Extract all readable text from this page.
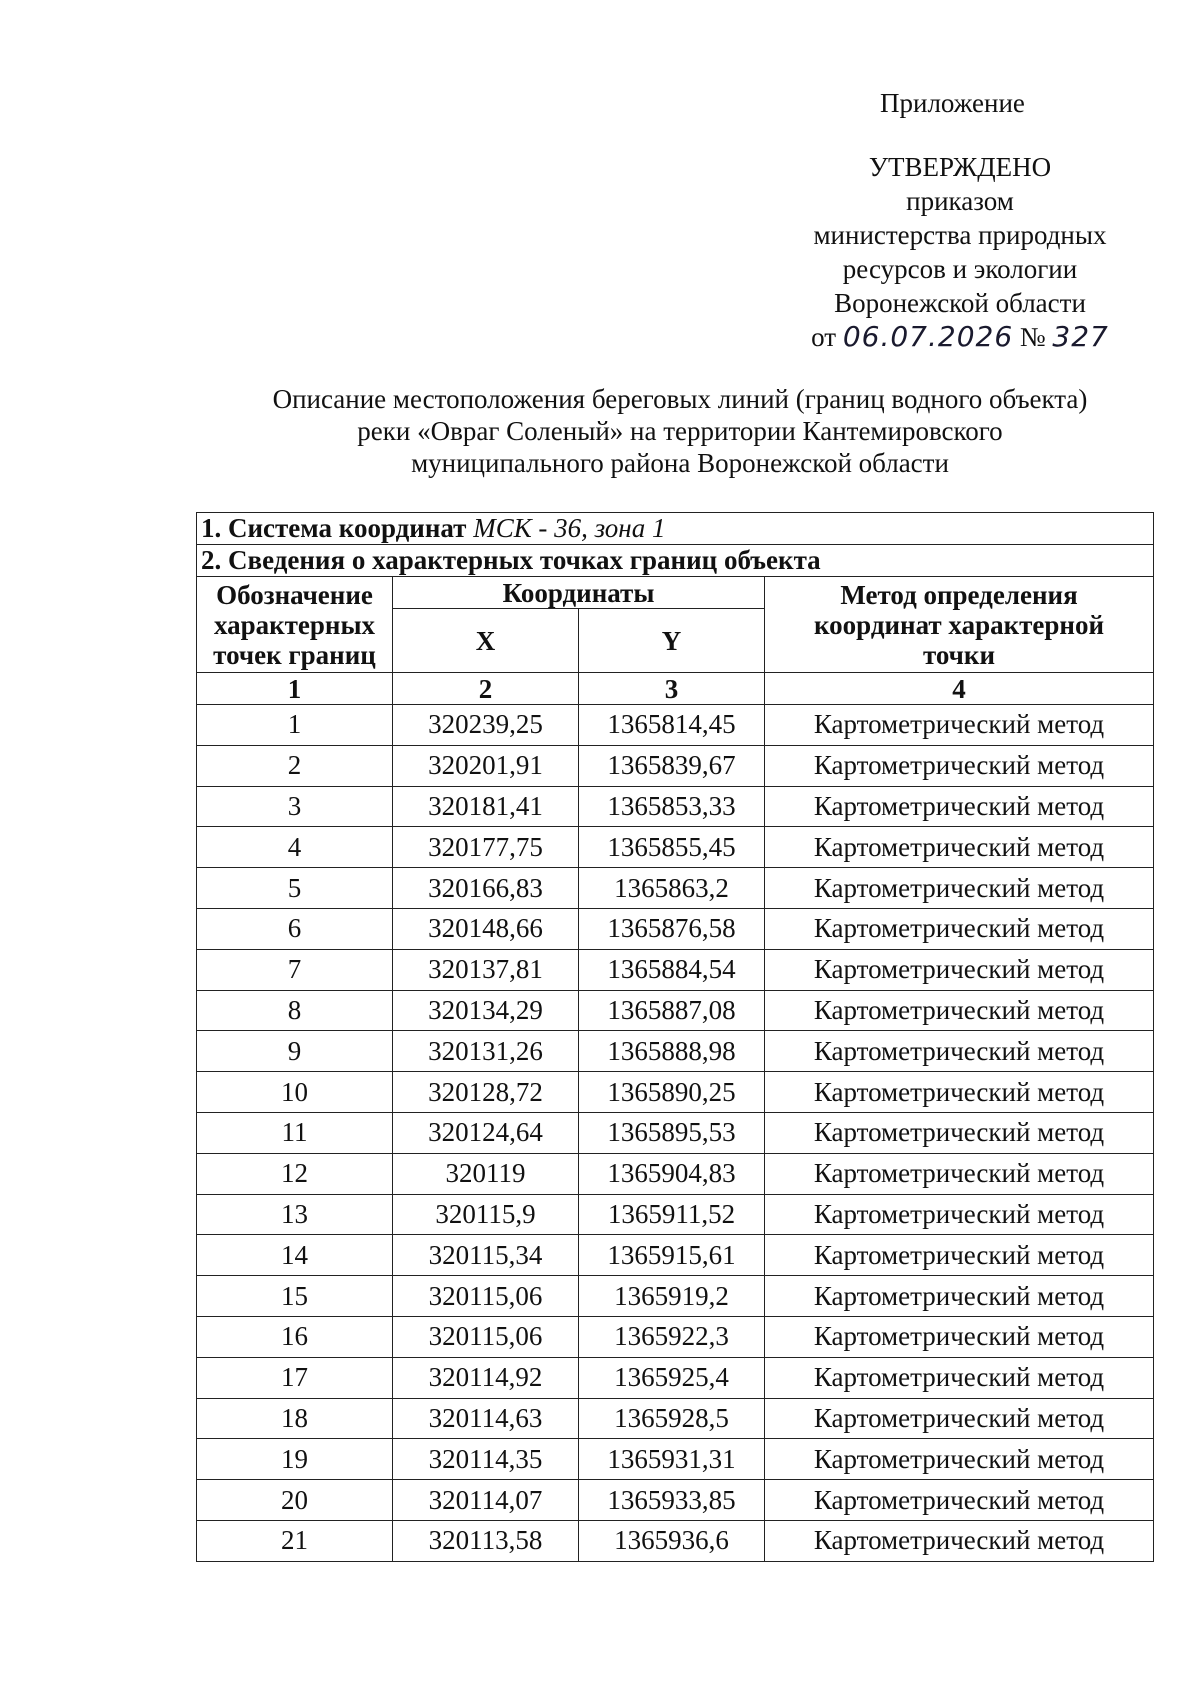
Приложение
УТВЕРЖДЕНО
приказом
министерства природных
ресурсов и экологии
Воронежской области
от 06.07.2026 № 327
Описание местоположения береговых линий (границ водного объекта)
реки «Овраг Соленый» на территории Кантемировского
муниципального района Воронежской области
1. Система координат МСК - 36, зона 1			
2. Сведения о характерных точках границ объекта			
Обозначение характерных точек границ	Координаты		Метод определения координат характерной точки
	X	Y	
1	2	3	4
1	320239,25	1365814,45	Картометрический метод
2	320201,91	1365839,67	Картометрический метод
3	320181,41	1365853,33	Картометрический метод
4	320177,75	1365855,45	Картометрический метод
5	320166,83	1365863,2	Картометрический метод
6	320148,66	1365876,58	Картометрический метод
7	320137,81	1365884,54	Картометрический метод
8	320134,29	1365887,08	Картометрический метод
9	320131,26	1365888,98	Картометрический метод
10	320128,72	1365890,25	Картометрический метод
11	320124,64	1365895,53	Картометрический метод
12	320119	1365904,83	Картометрический метод
13	320115,9	1365911,52	Картометрический метод
14	320115,34	1365915,61	Картометрический метод
15	320115,06	1365919,2	Картометрический метод
16	320115,06	1365922,3	Картометрический метод
17	320114,92	1365925,4	Картометрический метод
18	320114,63	1365928,5	Картометрический метод
19	320114,35	1365931,31	Картометрический метод
20	320114,07	1365933,85	Картометрический метод
21	320113,58	1365936,6	Картометрический метод
